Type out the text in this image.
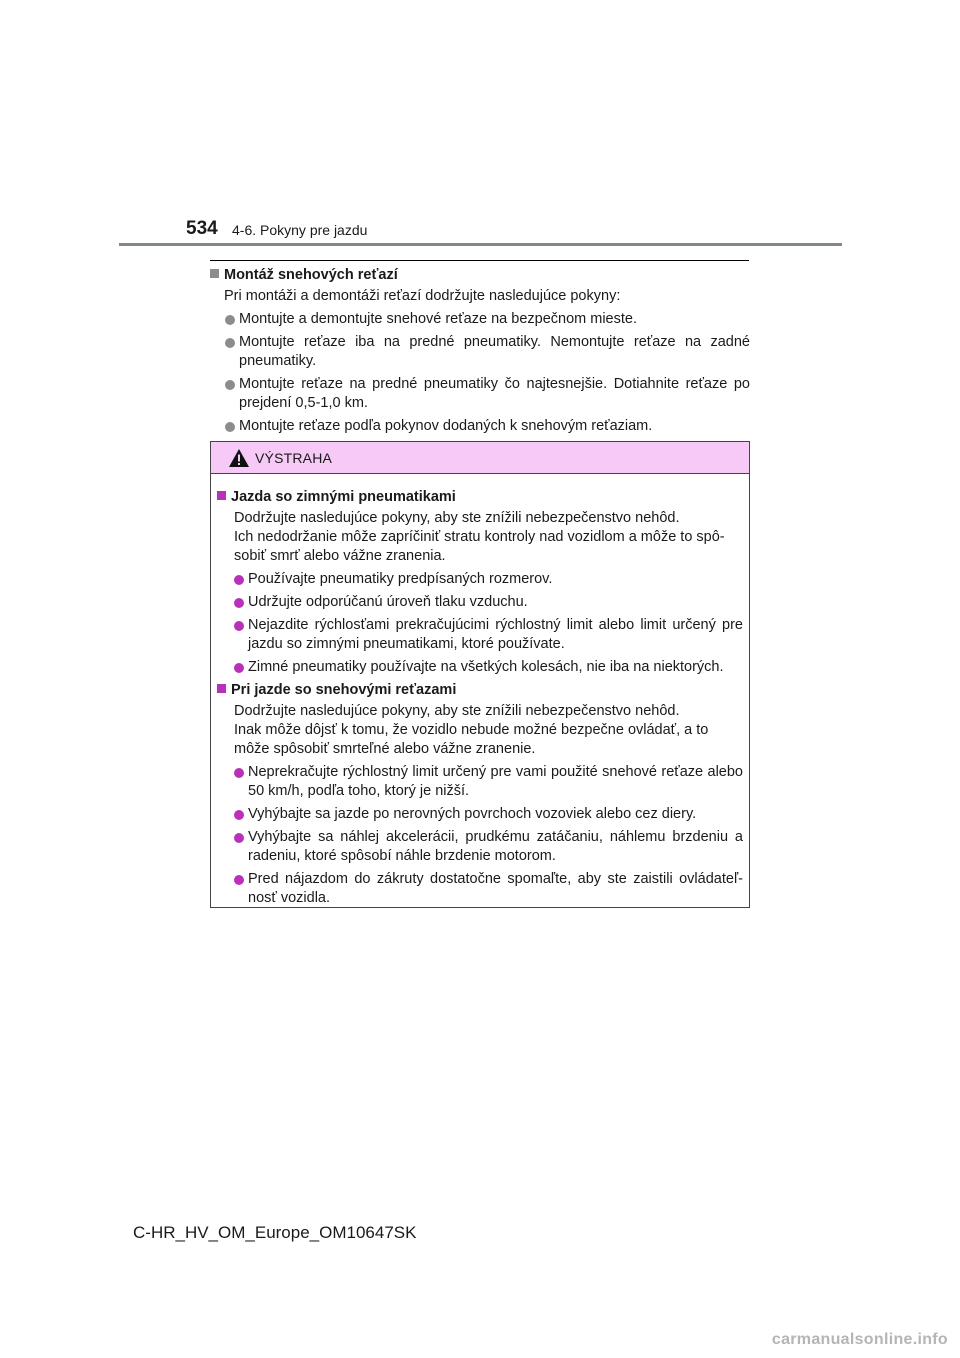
534 4-6. Pokyny pre jazdu
Montáž snehových reťazí
Pri montáži a demontáži reťazí dodržujte nasledujúce pokyny:
Montujte a demontujte snehové reťaze na bezpečnom mieste.
Montujte reťaze iba na predné pneumatiky. Nemontujte reťaze na zadné pneumatiky.
Montujte reťaze na predné pneumatiky čo najtesnejšie. Dotiahnite reťaze po prejdení 0,5-1,0 km.
Montujte reťaze podľa pokynov dodaných k snehovým reťaziam.
VÝSTRAHA
Jazda so zimnými pneumatikami
Dodržujte nasledujúce pokyny, aby ste znížili nebezpečenstvo nehôd.
Ich nedodržanie môže zapríčiniť stratu kontroly nad vozidlom a môže to spô-sobiť smrť alebo vážne zranenia.
Používajte pneumatiky predpísaných rozmerov.
Udržujte odporúčanú úroveň tlaku vzduchu.
Nejazdite rýchlosťami prekračujúcimi rýchlostný limit alebo limit určený pre jazdu so zimnými pneumatikami, ktoré používate.
Zimné pneumatiky používajte na všetkých kolesách, nie iba na niektorých.
Pri jazde so snehovými reťazami
Dodržujte nasledujúce pokyny, aby ste znížili nebezpečenstvo nehôd.
Inak môže dôjsť k tomu, že vozidlo nebude možné bezpečne ovládať, a to môže spôsobiť smrteľné alebo vážne zranenie.
Neprekračujte rýchlostný limit určený pre vami použité snehové reťaze alebo 50 km/h, podľa toho, ktorý je nižší.
Vyhýbajte sa jazde po nerovných povrchoch vozoviek alebo cez diery.
Vyhýbajte sa náhlej akcelerácii, prudkému zatáčaniu, náhlemu brzdeniu a radeniu, ktoré spôsobí náhle brzdenie motorom.
Pred nájazdom do zákruty dostatočne spomaľte, aby ste zaistili ovládateľ-nosť vozidla.
C-HR_HV_OM_Europe_OM10647SK
carmanualsonline.info
